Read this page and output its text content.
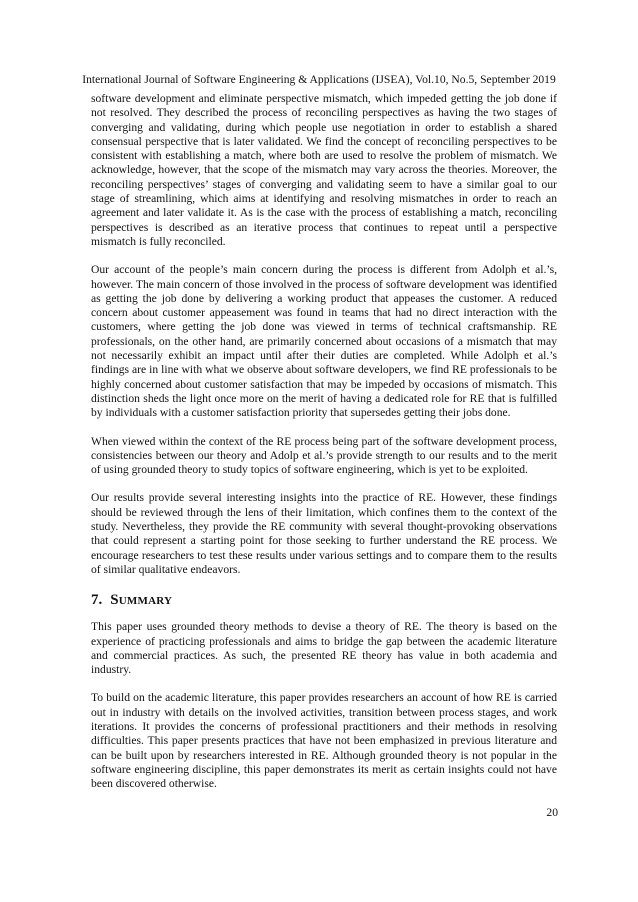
International Journal of Software Engineering & Applications (IJSEA), Vol.10, No.5, September 2019

software development and eliminate perspective mismatch, which impeded getting the job done if not resolved. They described the process of reconciling perspectives as having the two stages of converging and validating, during which people use negotiation in order to establish a shared consensual perspective that is later validated. We find the concept of reconciling perspectives to be consistent with establishing a match, where both are used to resolve the problem of mismatch. We acknowledge, however, that the scope of the mismatch may vary across the theories. Moreover, the reconciling perspectives’ stages of converging and validating seem to have a similar goal to our stage of streamlining, which aims at identifying and resolving mismatches in order to reach an agreement and later validate it. As is the case with the process of establishing a match, reconciling perspectives is described as an iterative process that continues to repeat until a perspective mismatch is fully reconciled.

Our account of the people’s main concern during the process is different from Adolph et al.’s, however. The main concern of those involved in the process of software development was identified as getting the job done by delivering a working product that appeases the customer. A reduced concern about customer appeasement was found in teams that had no direct interaction with the customers, where getting the job done was viewed in terms of technical craftsmanship. RE professionals, on the other hand, are primarily concerned about occasions of a mismatch that may not necessarily exhibit an impact until after their duties are completed. While Adolph et al.’s findings are in line with what we observe about software developers, we find RE professionals to be highly concerned about customer satisfaction that may be impeded by occasions of mismatch. This distinction sheds the light once more on the merit of having a dedicated role for RE that is fulfilled by individuals with a customer satisfaction priority that supersedes getting their jobs done.

When viewed within the context of the RE process being part of the software development process, consistencies between our theory and Adolp et al.’s provide strength to our results and to the merit of using grounded theory to study topics of software engineering, which is yet to be exploited.

Our results provide several interesting insights into the practice of RE. However, these findings should be reviewed through the lens of their limitation, which confines them to the context of the study. Nevertheless, they provide the RE community with several thought-provoking observations that could represent a starting point for those seeking to further understand the RE process. We encourage researchers to test these results under various settings and to compare them to the results of similar qualitative endeavors.

7. Summary

This paper uses grounded theory methods to devise a theory of RE. The theory is based on the experience of practicing professionals and aims to bridge the gap between the academic literature and commercial practices. As such, the presented RE theory has value in both academia and industry.

To build on the academic literature, this paper provides researchers an account of how RE is carried out in industry with details on the involved activities, transition between process stages, and work iterations. It provides the concerns of professional practitioners and their methods in resolving difficulties. This paper presents practices that have not been emphasized in previous literature and can be built upon by researchers interested in RE. Although grounded theory is not popular in the software engineering discipline, this paper demonstrates its merit as certain insights could not have been discovered otherwise.

20
